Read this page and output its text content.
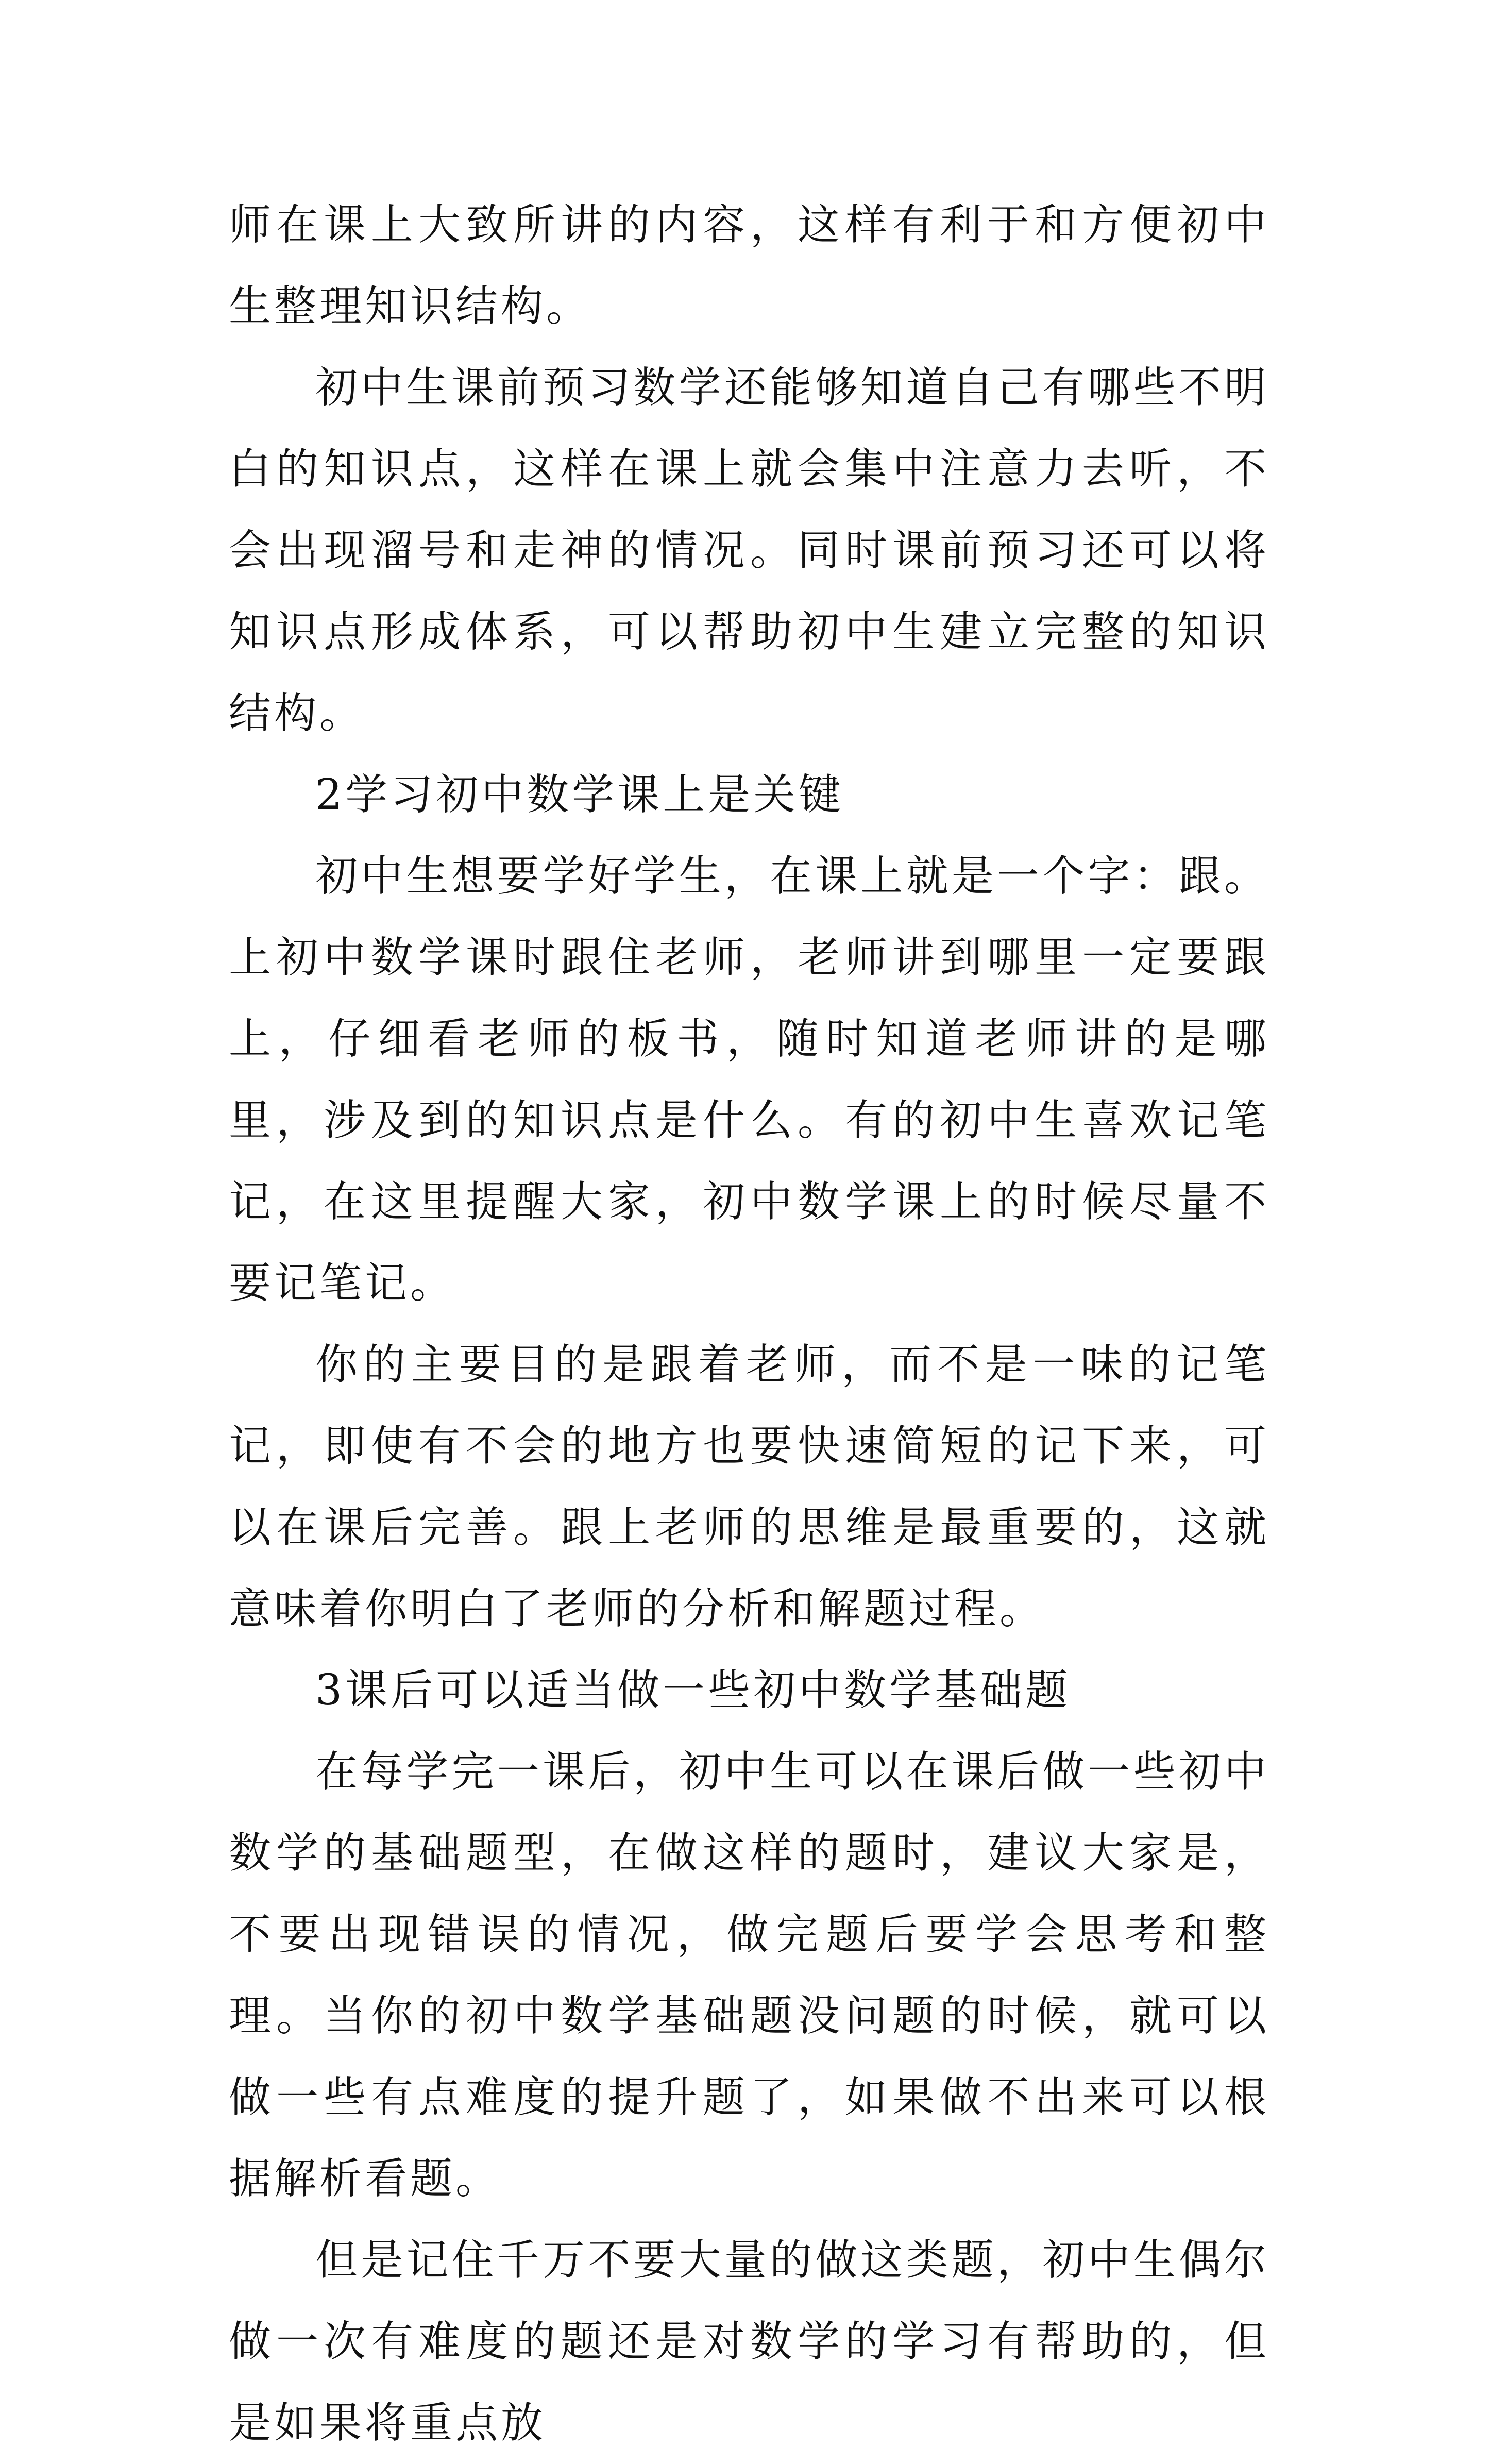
师在课上大致所讲的内容，这样有利于和方便初中生整理知识结构。

初中生课前预习数学还能够知道自己有哪些不明白的知识点，这样在课上就会集中注意力去听，不会出现溜号和走神的情况。同时课前预习还可以将知识点形成体系，可以帮助初中生建立完整的知识结构。

2学习初中数学课上是关键

初中生想要学好学生，在课上就是一个字：跟。上初中数学课时跟住老师，老师讲到哪里一定要跟上，仔细看老师的板书，随时知道老师讲的是哪里，涉及到的知识点是什么。有的初中生喜欢记笔记，在这里提醒大家，初中数学课上的时候尽量不要记笔记。

你的主要目的是跟着老师，而不是一味的记笔记，即使有不会的地方也要快速简短的记下来，可以在课后完善。跟上老师的思维是最重要的，这就意味着你明白了老师的分析和解题过程。

3课后可以适当做一些初中数学基础题

在每学完一课后，初中生可以在课后做一些初中数学的基础题型，在做这样的题时，建议大家是，不要出现错误的情况，做完题后要学会思考和整理。当你的初中数学基础题没问题的时候，就可以做一些有点难度的提升题了，如果做不出来可以根据解析看题。

但是记住千万不要大量的做这类题，初中生偶尔做一次有难度的题还是对数学的学习有帮助的，但是如果将重点放
